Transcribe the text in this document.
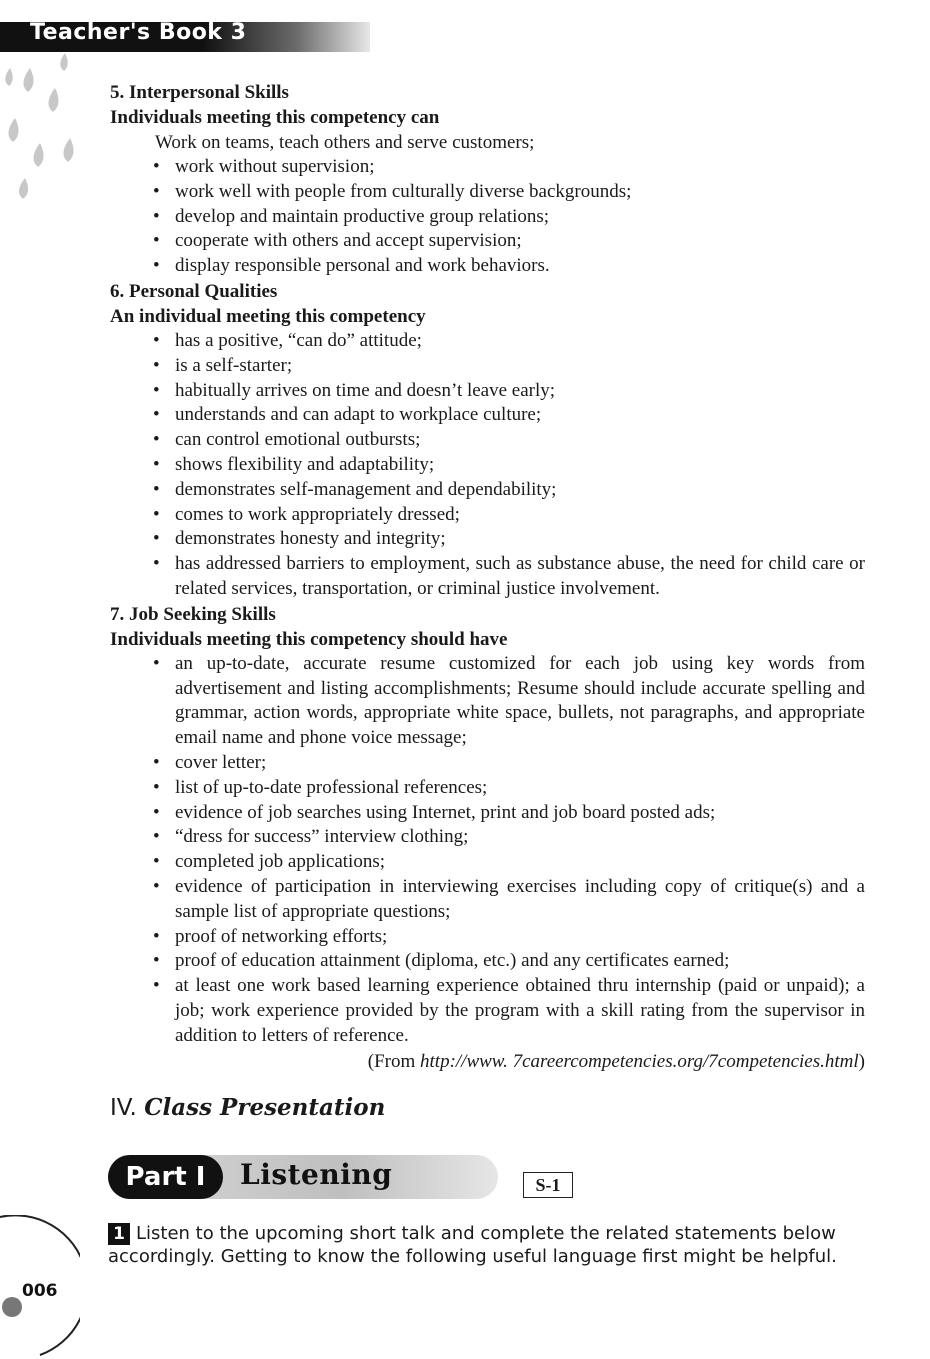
Teacher's Book 3

5. Interpersonal Skills

Individuals meeting this competency can

Work on teams, teach others and serve customers;
• work without supervision;
• work well with people from culturally diverse backgrounds;
• develop and maintain productive group relations;
• cooperate with others and accept supervision;
• display responsible personal and work behaviors.

6. Personal Qualities

An individual meeting this competency

• has a positive, “can do” attitude;
• is a self-starter;
• habitually arrives on time and doesn’t leave early;
• understands and can adapt to workplace culture;
• can control emotional outbursts;
• shows flexibility and adaptability;
• demonstrates self-management and dependability;
• comes to work appropriately dressed;
• demonstrates honesty and integrity;
• has addressed barriers to employment, such as substance abuse, the need for child care or related services, transportation, or criminal justice involvement.

7. Job Seeking Skills

Individuals meeting this competency should have

• an up-to-date, accurate resume customized for each job using key words from advertisement and listing accomplishments; Resume should include accurate spelling and grammar, action words, appropriate white space, bullets, not paragraphs, and appropriate email name and phone voice message;
• cover letter;
• list of up-to-date professional references;
• evidence of job searches using Internet, print and job board posted ads;
• “dress for success” interview clothing;
• completed job applications;
• evidence of participation in interviewing exercises including copy of critique(s) and a sample list of appropriate questions;
• proof of networking efforts;
• proof of education attainment (diploma, etc.) and any certificates earned;
• at least one work based learning experience obtained thru internship (paid or unpaid); a job; work experience provided by the program with a skill rating from the supervisor in addition to letters of reference.
(From http://www. 7careercompetencies.org/7competencies.html)
IV. Class Presentation
Part I	Listening	S-1
1 Listen to the upcoming short talk and complete the related statements below accordingly. Getting to know the following useful language first might be helpful.
006
